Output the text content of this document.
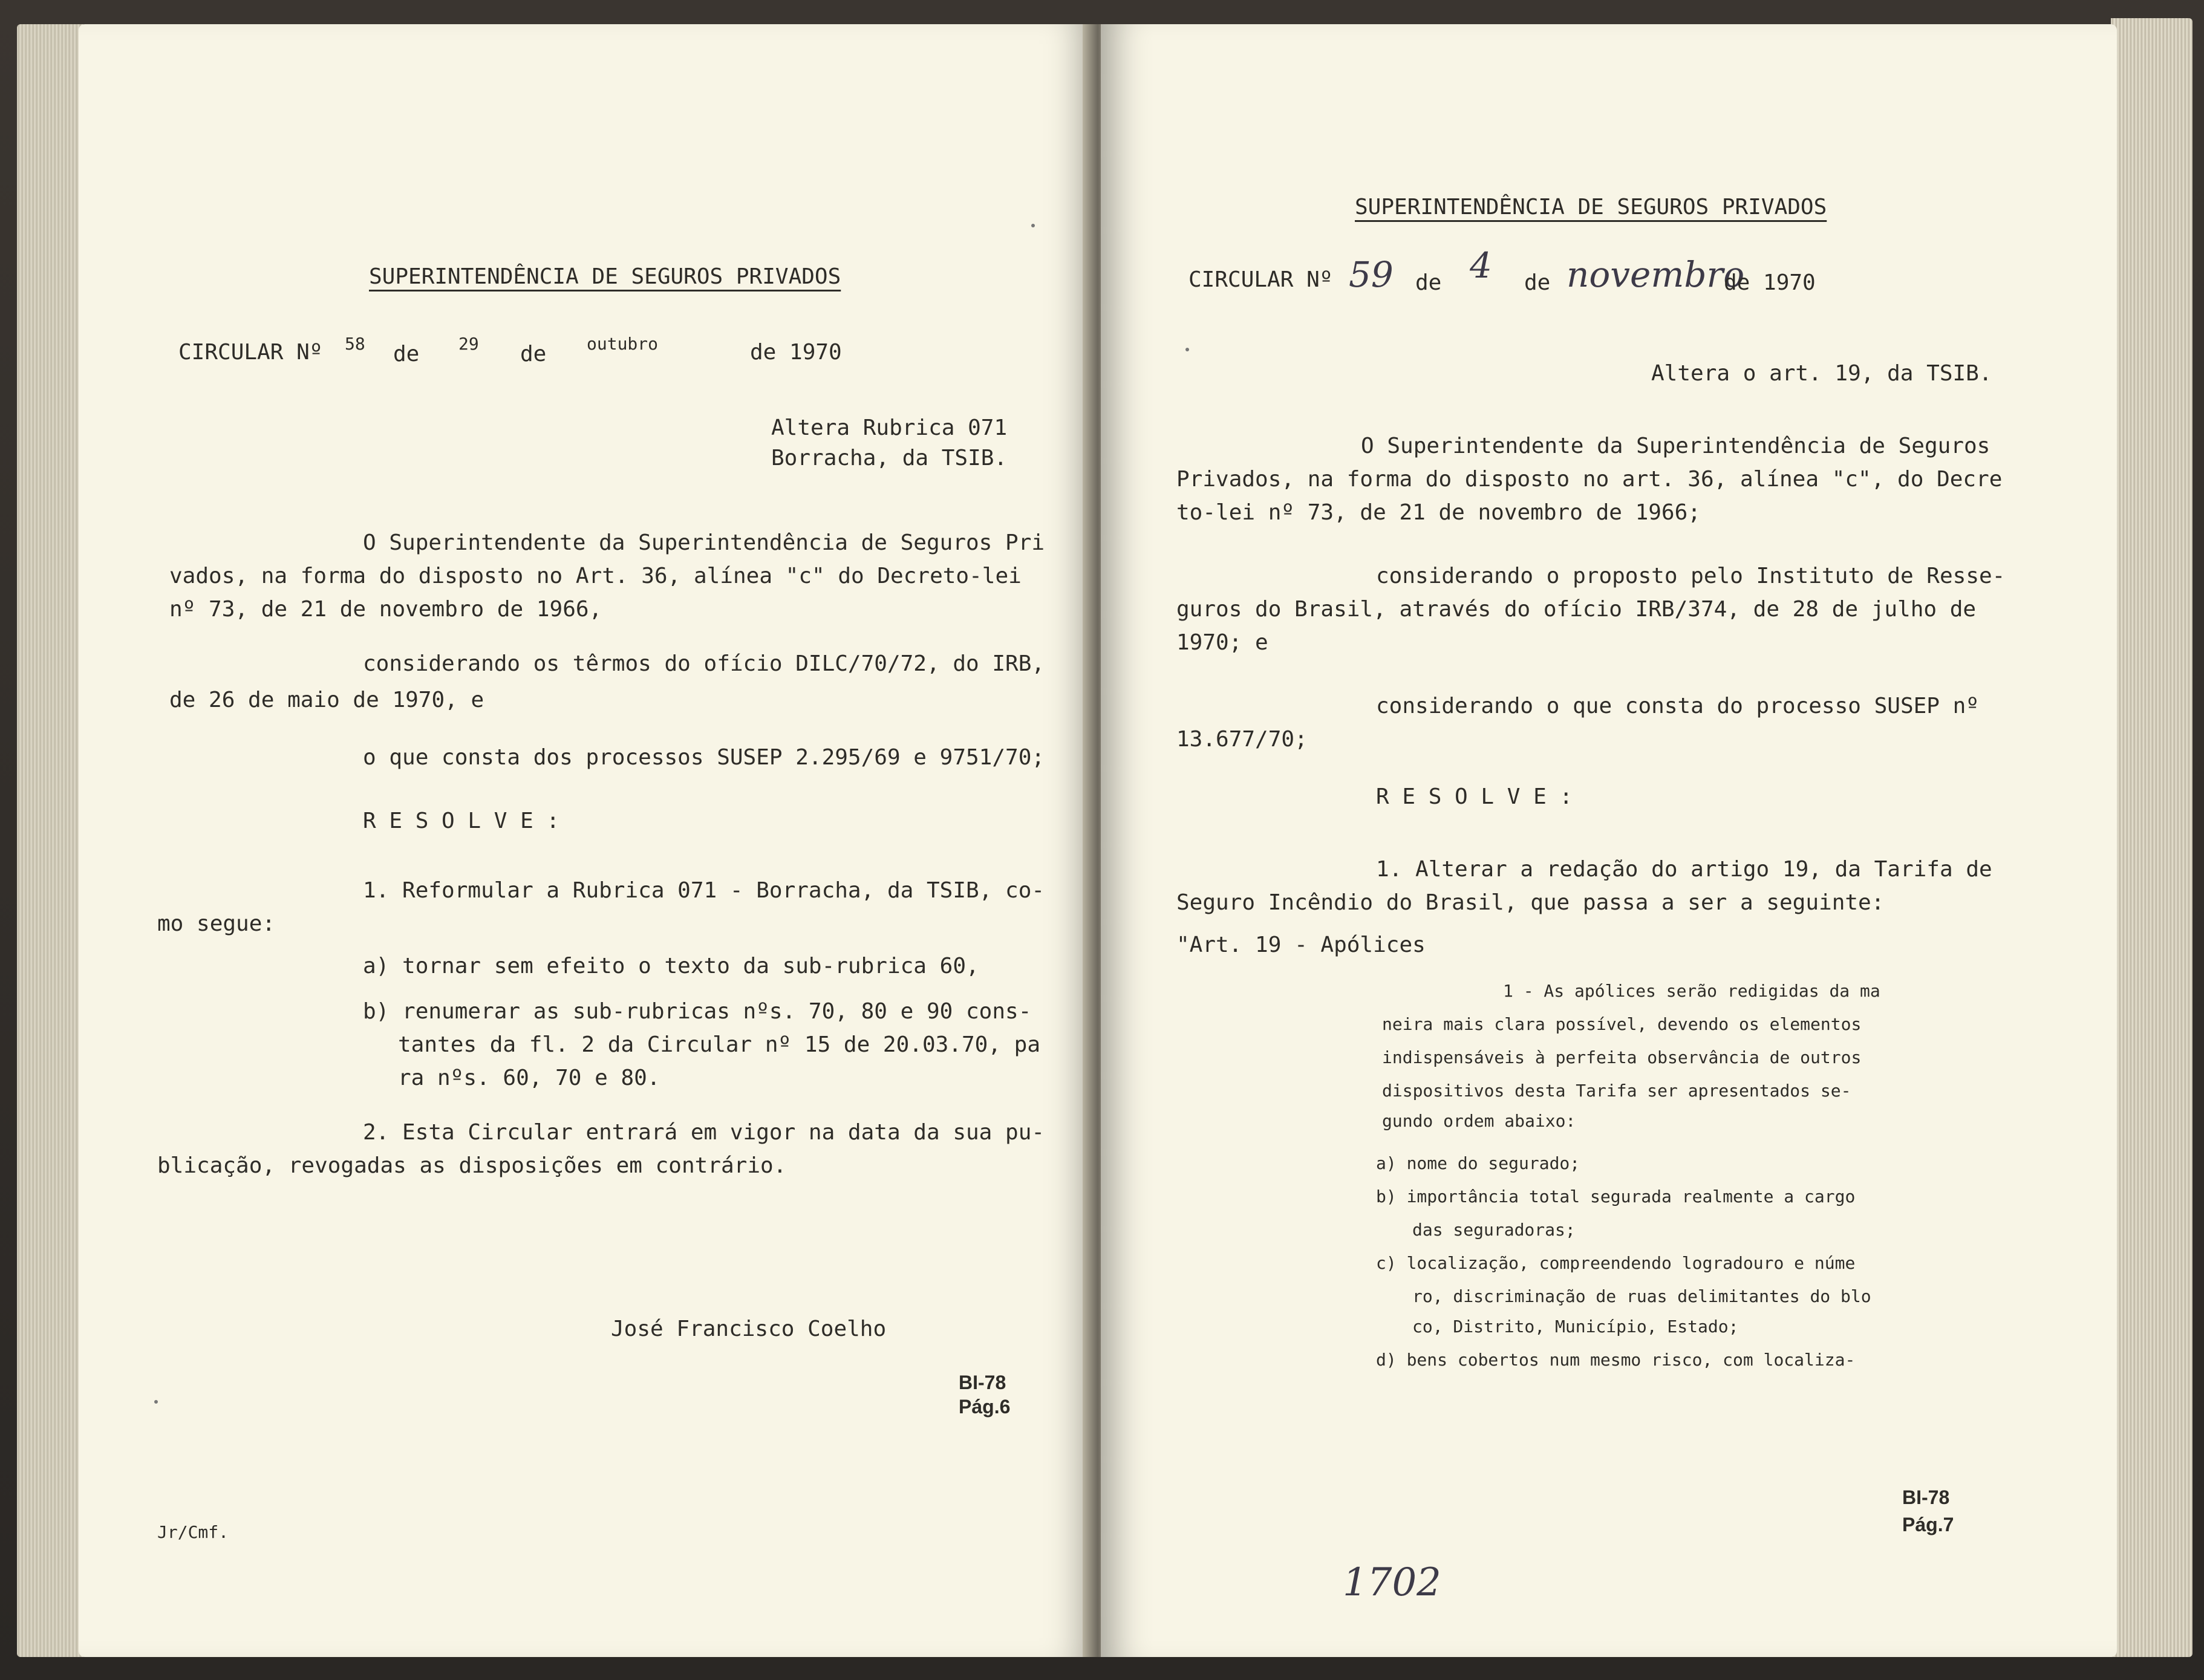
SUPERINTENDÊNCIA DE SEGUROS PRIVADOS
CIRCULAR Nº 58 de 29 de outubro	de 1970
Altera Rubrica 071
Borracha, da TSIB.
O Superintendente da Superintendência de Seguros Pri
vados, na forma do disposto no Art. 36, alínea "c" do Decreto-lei
nº 73, de 21 de novembro de 1966,
considerando os têrmos do ofício DILC/70/72, do IRB,
de 26 de maio de 1970, e
o que consta dos processos SUSEP 2.295/69 e 9751/70;
R E S O L V E :
1. Reformular a Rubrica 071 - Borracha, da TSIB, co-
mo segue:
a) tornar sem efeito o texto da sub-rubrica 60,
b) renumerar as sub-rubricas nºs. 70, 80 e 90 cons-
tantes da fl. 2 da Circular nº 15 de 20.03.70, pa
ra nºs. 60, 70 e 80.
2. Esta Circular entrará em vigor na data da sua pu-
blicação, revogadas as disposições em contrário.
José Francisco Coelho
BI-78
Pág.6
Jr/Cmf.
SUPERINTENDÊNCIA DE SEGUROS PRIVADOS
CIRCULAR Nº 59 de 4 de novembro
de 1970
Altera o art. 19, da TSIB.
O Superintendente da Superintendência de Seguros
Privados, na forma do disposto no art. 36, alínea "c", do Decre
to-lei nº 73, de 21 de novembro de 1966;
considerando o proposto pelo Instituto de Resse-
guros do Brasil, através do ofício IRB/374, de 28 de julho de
1970; e
considerando o que consta do processo SUSEP nº
13.677/70;
R E S O L V E :
1. Alterar a redação do artigo 19, da Tarifa de
Seguro Incêndio do Brasil, que passa a ser a seguinte:
"Art. 19 - Apólices
1 - As apólices serão redigidas da ma
neira mais clara possível, devendo os elementos
indispensáveis à perfeita observância de outros
dispositivos desta Tarifa ser apresentados se-
gundo ordem abaixo:
a) nome do segurado;
b) importância total segurada realmente a cargo
das seguradoras;
c) localização, compreendendo logradouro e núme
ro, discriminação de ruas delimitantes do blo
co, Distrito, Município, Estado;
d) bens cobertos num mesmo risco, com localiza-
BI-78
Pág.7
1702
